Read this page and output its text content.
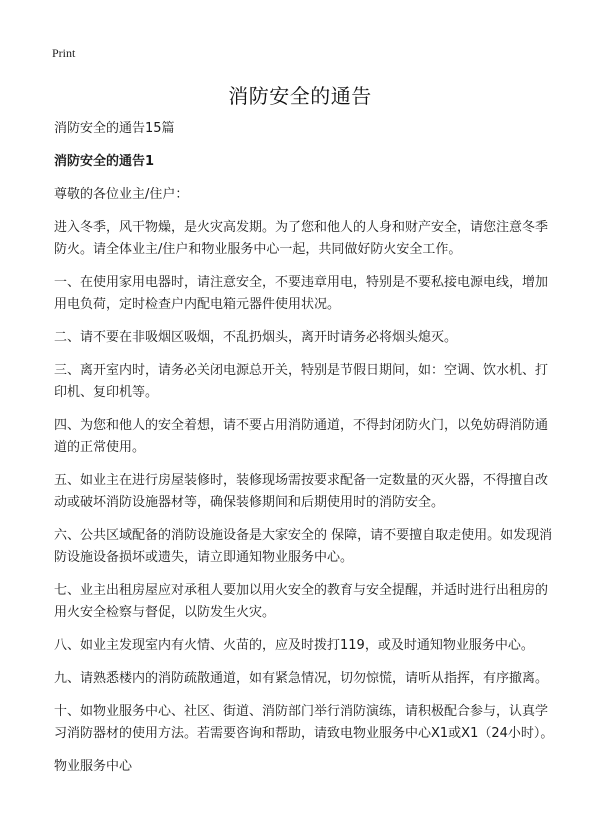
Print
消防安全的通告

消防安全的通告15篇

消防安全的通告1

尊敬的各位业主/住户：

进入冬季，风干物燥，是火灾高发期。为了您和他人的人身和财产安全，请您注意冬季防火。请全体业主/住户和物业服务中心一起，共同做好防火安全工作。

一、在使用家用电器时，请注意安全，不要违章用电，特别是不要私接电源电线，增加用电负荷，定时检查户内配电箱元器件使用状况。

二、请不要在非吸烟区吸烟，不乱扔烟头，离开时请务必将烟头熄灭。

三、离开室内时，请务必关闭电源总开关，特别是节假日期间，如：空调、饮水机、打印机、复印机等。

四、为您和他人的安全着想，请不要占用消防通道，不得封闭防火门，以免妨碍消防通道的正常使用。

五、如业主在进行房屋装修时，装修现场需按要求配备一定数量的灭火器，不得擅自改动或破坏消防设施器材等，确保装修期间和后期使用时的消防安全。

六、公共区域配备的消防设施设备是大家安全的 保障，请不要擅自取走使用。如发现消防设施设备损坏或遗失，请立即通知物业服务中心。

七、业主出租房屋应对承租人要加以用火安全的教育与安全提醒，并适时进行出租房的用火安全检察与督促，以防发生火灾。

八、如业主发现室内有火情、火苗的，应及时拨打119，或及时通知物业服务中心。

九、请熟悉楼内的消防疏散通道，如有紧急情况，切勿惊慌，请听从指挥，有序撤离。

十、如物业服务中心、社区、街道、消防部门举行消防演练，请积极配合参与，认真学习消防器材的使用方法。若需要咨询和帮助，请致电物业服务中心X1或X1（24小时）。

物业服务中心
